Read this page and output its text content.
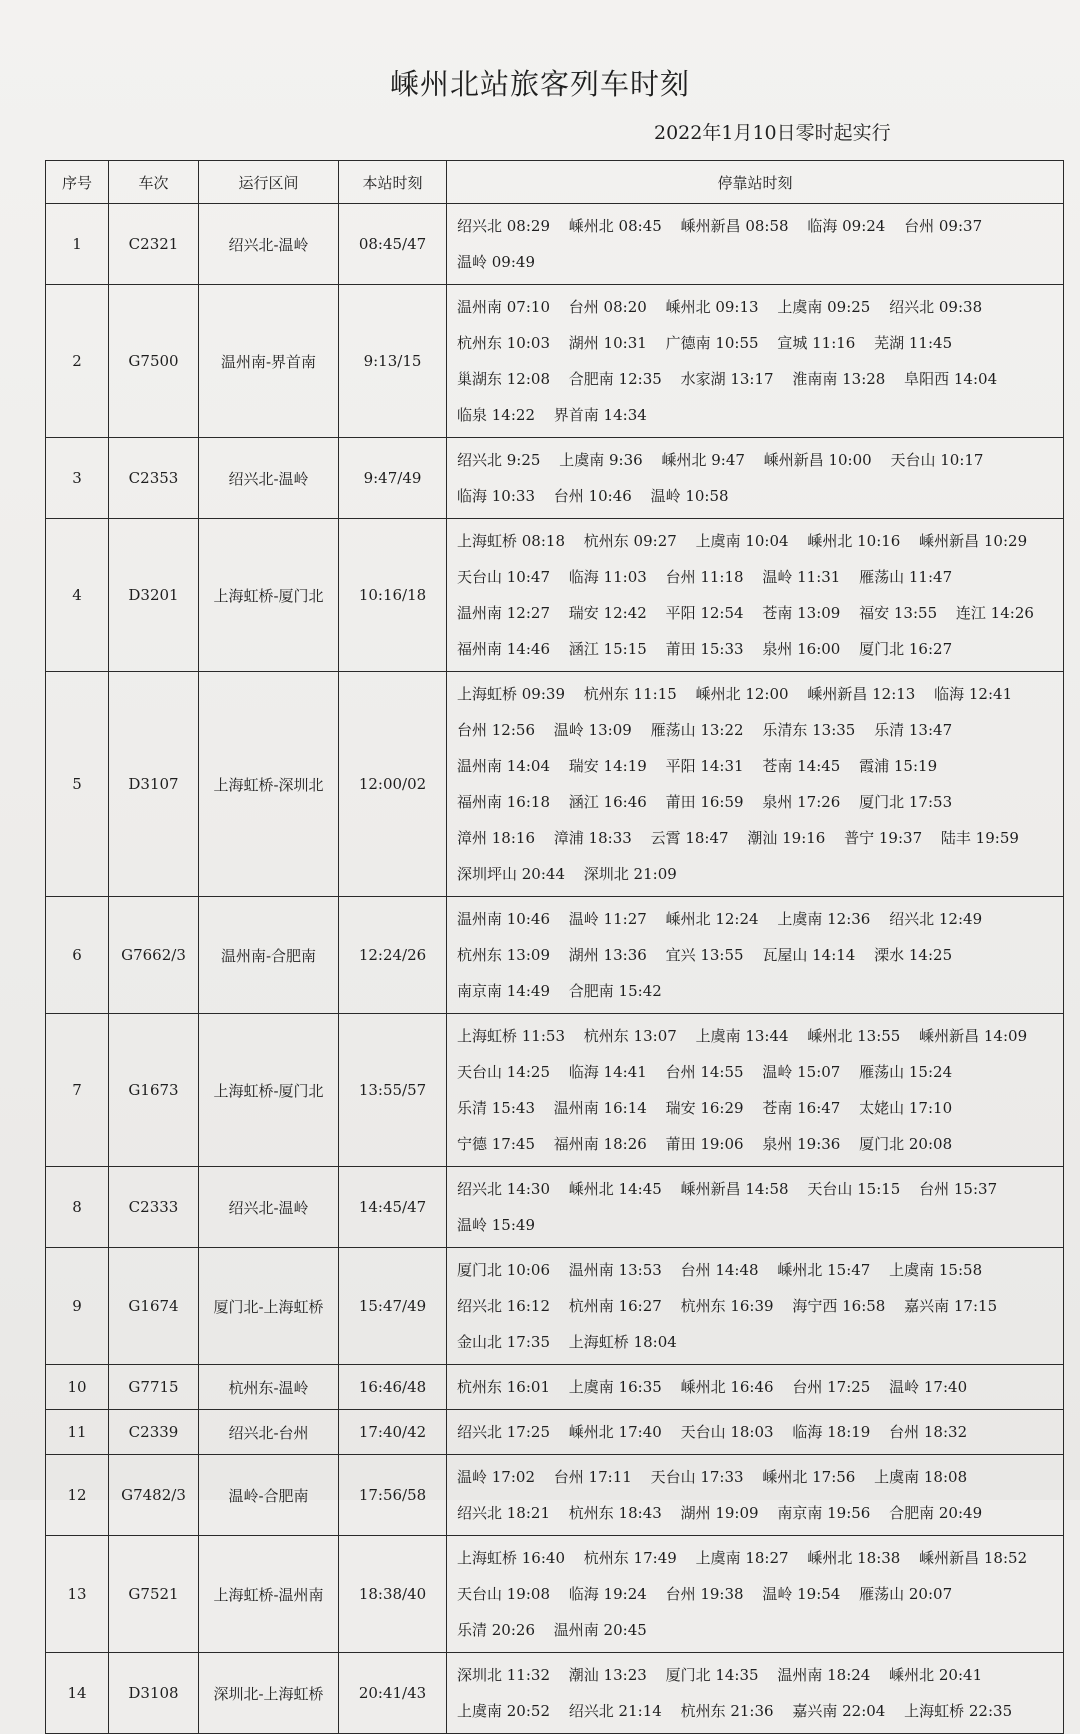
嵊州北站旅客列车时刻
2022年1月10日零时起实行
序号	车次	运行区间	本站时刻	停靠站时刻
1	C2321	绍兴北-温岭	08:45/47	绍兴北 08:29 嵊州北 08:45 嵊州新昌 08:58 临海 09:24 台州 09:37 温岭 09:49
2	G7500	温州南-界首南	9:13/15	温州南 07:10 台州 08:20 嵊州北 09:13 上虞南 09:25 绍兴北 09:38 杭州东 10:03 湖州 10:31 广德南 10:55 宣城 11:16 芜湖 11:45 巢湖东 12:08 合肥南 12:35 水家湖 13:17 淮南南 13:28 阜阳西 14:04 临泉 14:22 界首南 14:34
3	C2353	绍兴北-温岭	9:47/49	绍兴北 9:25 上虞南 9:36 嵊州北 9:47 嵊州新昌 10:00 天台山 10:17 临海 10:33 台州 10:46 温岭 10:58
4	D3201	上海虹桥-厦门北	10:16/18	上海虹桥 08:18 杭州东 09:27 上虞南 10:04 嵊州北 10:16 嵊州新昌 10:29 天台山 10:47 临海 11:03 台州 11:18 温岭 11:31 雁荡山 11:47 温州南 12:27 瑞安 12:42 平阳 12:54 苍南 13:09 福安 13:55 连江 14:26 福州南 14:46 涵江 15:15 莆田 15:33 泉州 16:00 厦门北 16:27
5	D3107	上海虹桥-深圳北	12:00/02	上海虹桥 09:39 杭州东 11:15 嵊州北 12:00 嵊州新昌 12:13 临海 12:41 台州 12:56 温岭 13:09 雁荡山 13:22 乐清东 13:35 乐清 13:47 温州南 14:04 瑞安 14:19 平阳 14:31 苍南 14:45 霞浦 15:19 福州南 16:18 涵江 16:46 莆田 16:59 泉州 17:26 厦门北 17:53 漳州 18:16 漳浦 18:33 云霄 18:47 潮汕 19:16 普宁 19:37 陆丰 19:59 深圳坪山 20:44 深圳北 21:09
6	G7662/3	温州南-合肥南	12:24/26	温州南 10:46 温岭 11:27 嵊州北 12:24 上虞南 12:36 绍兴北 12:49 杭州东 13:09 湖州 13:36 宜兴 13:55 瓦屋山 14:14 溧水 14:25 南京南 14:49 合肥南 15:42
7	G1673	上海虹桥-厦门北	13:55/57	上海虹桥 11:53 杭州东 13:07 上虞南 13:44 嵊州北 13:55 嵊州新昌 14:09 天台山 14:25 临海 14:41 台州 14:55 温岭 15:07 雁荡山 15:24 乐清 15:43 温州南 16:14 瑞安 16:29 苍南 16:47 太姥山 17:10 宁德 17:45 福州南 18:26 莆田 19:06 泉州 19:36 厦门北 20:08
8	C2333	绍兴北-温岭	14:45/47	绍兴北 14:30 嵊州北 14:45 嵊州新昌 14:58 天台山 15:15 台州 15:37 温岭 15:49
9	G1674	厦门北-上海虹桥	15:47/49	厦门北 10:06 温州南 13:53 台州 14:48 嵊州北 15:47 上虞南 15:58 绍兴北 16:12 杭州南 16:27 杭州东 16:39 海宁西 16:58 嘉兴南 17:15 金山北 17:35 上海虹桥 18:04
10	G7715	杭州东-温岭	16:46/48	杭州东 16:01 上虞南 16:35 嵊州北 16:46 台州 17:25 温岭 17:40
11	C2339	绍兴北-台州	17:40/42	绍兴北 17:25 嵊州北 17:40 天台山 18:03 临海 18:19 台州 18:32
12	G7482/3	温岭-合肥南	17:56/58	温岭 17:02 台州 17:11 天台山 17:33 嵊州北 17:56 上虞南 18:08 绍兴北 18:21 杭州东 18:43 湖州 19:09 南京南 19:56 合肥南 20:49
13	G7521	上海虹桥-温州南	18:38/40	上海虹桥 16:40 杭州东 17:49 上虞南 18:27 嵊州北 18:38 嵊州新昌 18:52 天台山 19:08 临海 19:24 台州 19:38 温岭 19:54 雁荡山 20:07 乐清 20:26 温州南 20:45
14	D3108	深圳北-上海虹桥	20:41/43	深圳北 11:32 潮汕 13:23 厦门北 14:35 温州南 18:24 嵊州北 20:41 上虞南 20:52 绍兴北 21:14 杭州东 21:36 嘉兴南 22:04 上海虹桥 22:35
